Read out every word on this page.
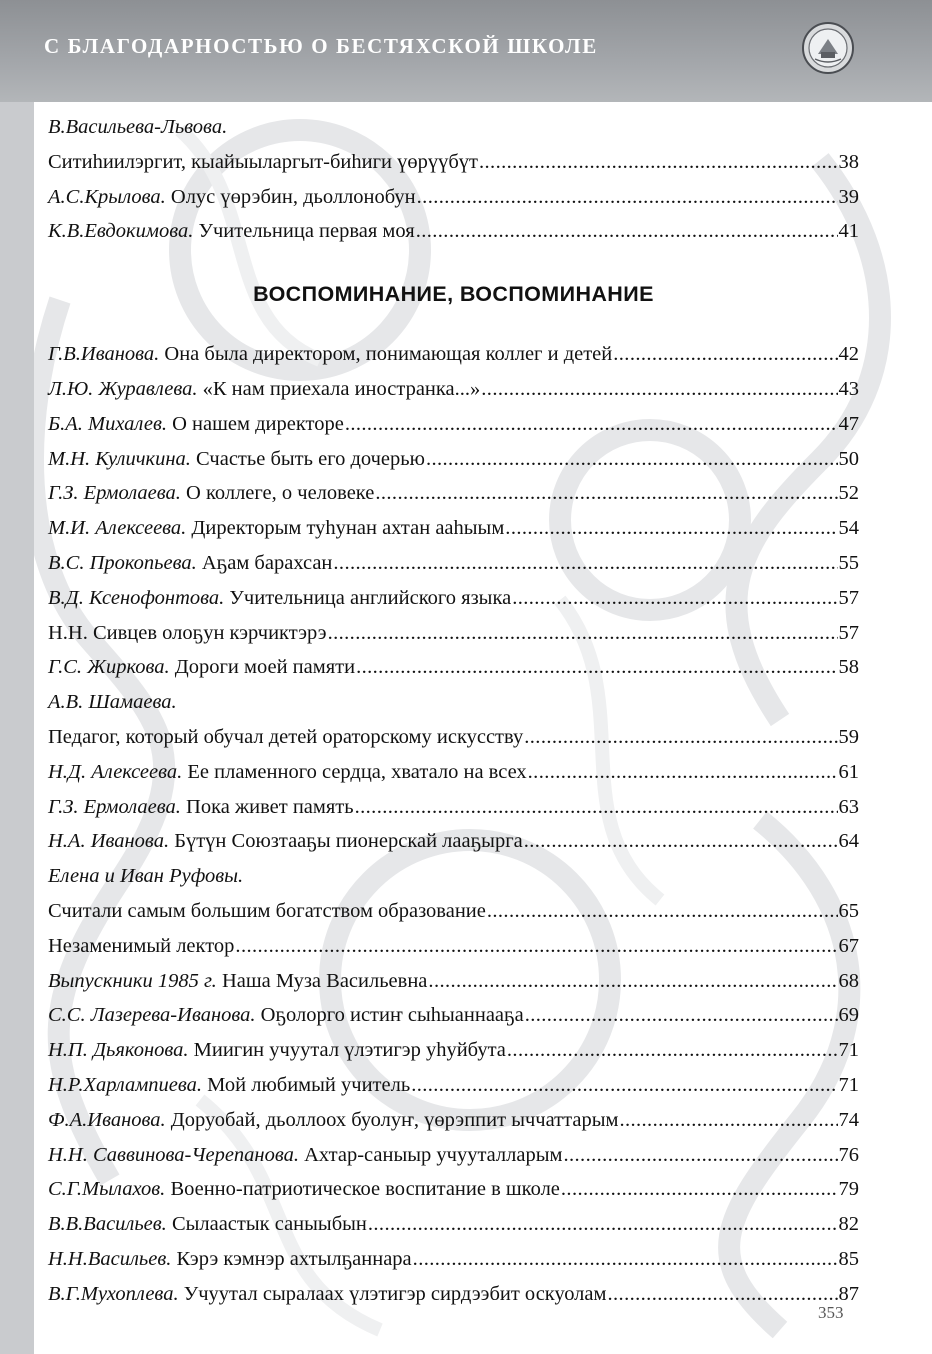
С БЛАГОДАРНОСТЬЮ О БЕСТЯХСКОЙ ШКОЛЕ
В.Васильева-Львова.
Ситиhиилэргит, кыайыыларгыт-биhиги үөрүүбүт .....	38
А.С.Крылова. Олус үөрэбин, дьоллонобун .....	39
К.В.Евдокимова. Учительница первая моя .....	41
ВОСПОМИНАНИЕ, ВОСПОМИНАНИЕ
Г.В.Иванова. Она была директором, понимающая коллег и детей .....	42
Л.Ю. Журавлева. «К нам приехала иностранка...» .....	43
Б.А. Михалев. О нашем директоре .....	47
М.Н. Куличкина. Счастье быть его дочерью .....	50
Г.З. Ермолаева. О коллеге, о человеке .....	52
М.И. Алексеева. Директорым туhунан ахтан ааhыым .....	54
В.С. Прокопьева. Аҕам барахсан .....	55
В.Д. Ксенофонтова. Учительница английского языка .....	57
Н.Н. Сивцев олоҕун кэрчиктэрэ .....	57
Г.С. Жиркова. Дороги моей памяти .....	58
А.В. Шамаева.
Педагог, который обучал детей ораторскому искусству .....	59
Н.Д. Алексеева. Ее пламенного сердца, хватало на всех .....	61
Г.З. Ермолаева. Пока живет память .....	63
Н.А. Иванова. Бүтүн Союзтааҕы пионерскай лааҕырга .....	64
Елена и Иван Руфовы.
Считали самым большим богатством образование .....	65
Незаменимый лектор .....	67
Выпускники 1985 г. Наша Муза Васильевна .....	68
С.С. Лазерева-Иванова. Оҕолорго истиҥ сыhыаннааҕа .....	69
Н.П. Дьяконова. Миигин учуутал үлэтигэр уhуйбута .....	71
Н.Р.Харлампиева. Мой любимый учитель .....	71
Ф.А.Иванова. Доруобай, дьоллоох буолуҥ, үөрэппит ыччаттарым .....	74
Н.Н. Саввинова-Черепанова. Ахтар-саныыр учууталларым .....	76
С.Г.Мылахов. Военно-патриотическое воспитание в школе .....	79
В.В.Васильев. Сылаастык саныыбын .....	82
Н.Н.Васильев. Кэрэ кэмнэр ахтылҕаннара .....	85
В.Г.Мухоплева. Учуутал сыралаах үлэтигэр сирдээбит оскуолам .....	87
353
